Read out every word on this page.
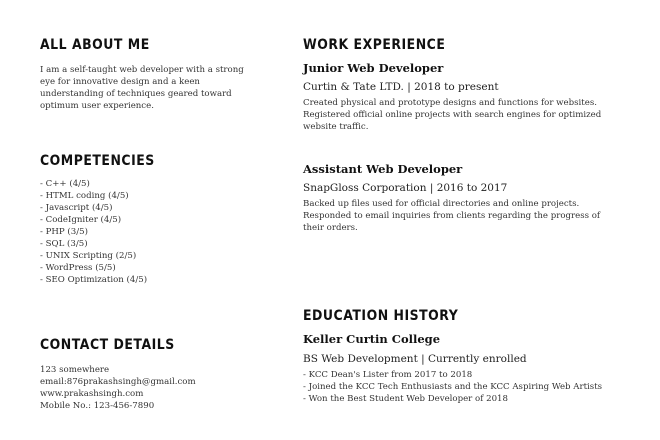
ALL ABOUT ME
I am a self-taught web developer with a strong
eye for innovative design and a keen
understanding of techniques geared toward
optimum user experience.
COMPETENCIES
- C++ (4/5)
- HTML coding (4/5)
- Javascript (4/5)
- CodeIgniter (4/5)
- PHP (3/5)
- SQL (3/5)
- UNIX Scripting (2/5)
- WordPress (5/5)
- SEO Optimization (4/5)
CONTACT DETAILS
123 somewhere
email:876prakashsingh@gmail.com
www.prakashsingh.com
Mobile No.: 123-456-7890
WORK EXPERIENCE
Junior Web Developer
Curtin & Tate LTD. | 2018 to present
Created physical and prototype designs and functions for websites.
Registered official online projects with search engines for optimized
website traffic.
Assistant Web Developer
SnapGloss Corporation | 2016 to 2017
Backed up files used for official directories and online projects.
Responded to email inquiries from clients regarding the progress of
their orders.
EDUCATION HISTORY
Keller Curtin College
BS Web Development | Currently enrolled
- KCC Dean's Lister from 2017 to 2018
- Joined the KCC Tech Enthusiasts and the KCC Aspiring Web Artists
- Won the Best Student Web Developer of 2018
